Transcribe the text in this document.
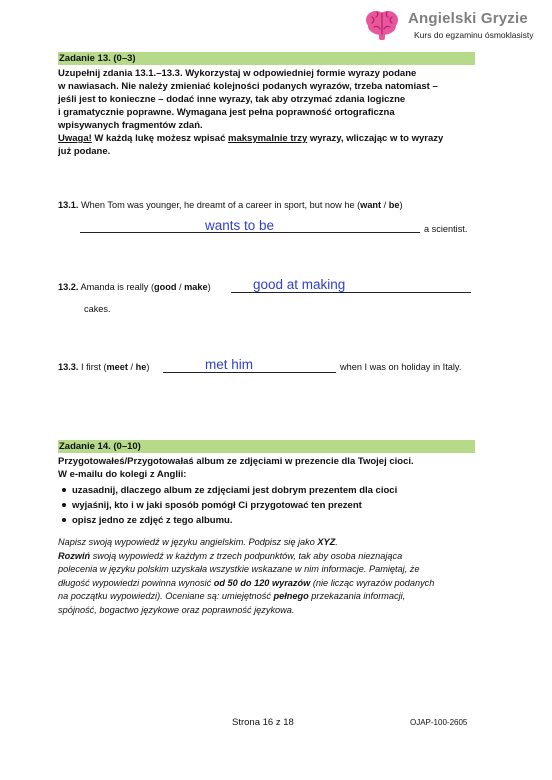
Angielski Gryzie
Kurs do egzaminu ósmoklasisty
Zadanie 13. (0–3)
Uzupełnij zdania 13.1.–13.3. Wykorzystaj w odpowiedniej formie wyrazy podane
w nawiasach. Nie należy zmieniać kolejności podanych wyrazów, trzeba natomiast –
jeśli jest to konieczne – dodać inne wyrazy, tak aby otrzymać zdania logiczne
i gramatycznie poprawne. Wymagana jest pełna poprawność ortograficzna
wpisywanych fragmentów zdań.
Uwaga! W każdą lukę możesz wpisać maksymalnie trzy wyrazy, wliczając w to wyrazy
już podane.
13.1. When Tom was younger, he dreamt of a career in sport, but now he (want / be)
wants to be	a scientist.
13.2. Amanda is really (good / make)	good at making
cakes.
13.3. I first (meet / he)	met him	when I was on holiday in Italy.
Zadanie 14. (0–10)
Przygotowałeś/Przygotowałaś album ze zdjęciami w prezencie dla Twojej cioci.
W e-mailu do kolegi z Anglii:
uzasadnij, dlaczego album ze zdjęciami jest dobrym prezentem dla cioci
wyjaśnij, kto i w jaki sposób pomógł Ci przygotować ten prezent
opisz jedno ze zdjęć z tego albumu.
Napisz swoją wypowiedź w języku angielskim. Podpisz się jako XYZ.
Rozwiń swoją wypowiedź w każdym z trzech podpunktów, tak aby osoba nieznająca
polecenia w języku polskim uzyskała wszystkie wskazane w nim informacje. Pamiętaj, że
długość wypowiedzi powinna wynosić od 50 do 120 wyrazów (nie licząc wyrazów podanych
na początku wypowiedzi). Oceniane są: umiejętność pełnego przekazania informacji,
spójność, bogactwo językowe oraz poprawność językowa.
Strona 16 z 18	OJAP-100-2605
